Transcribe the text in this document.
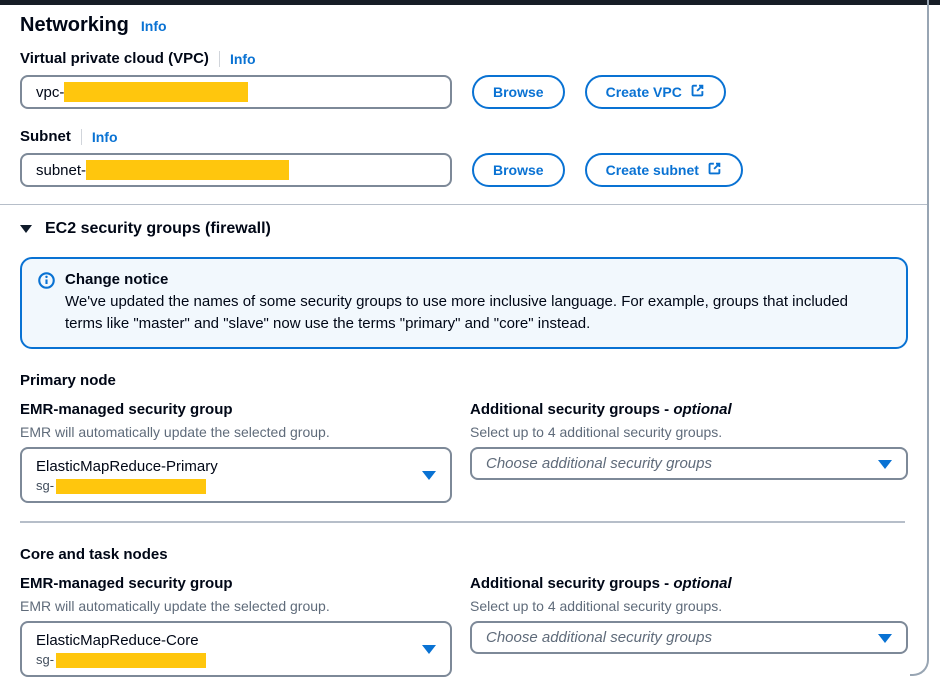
Networking Info
Virtual private cloud (VPC) Info
vpc-	Browse	Create VPC
Subnet Info
subnet-	Browse	Create subnet
EC2 security groups (firewall)
Change notice
We've updated the names of some security groups to use more inclusive language. For example, groups that included terms like "master" and "slave" now use the terms "primary" and "core" instead.
Primary node
EMR-managed security group
EMR will automatically update the selected group.
ElasticMapReduce-Primary
sg-
Additional security groups - optional
Select up to 4 additional security groups.
Choose additional security groups
Core and task nodes
EMR-managed security group
EMR will automatically update the selected group.
ElasticMapReduce-Core
sg-
Additional security groups - optional
Select up to 4 additional security groups.
Choose additional security groups
